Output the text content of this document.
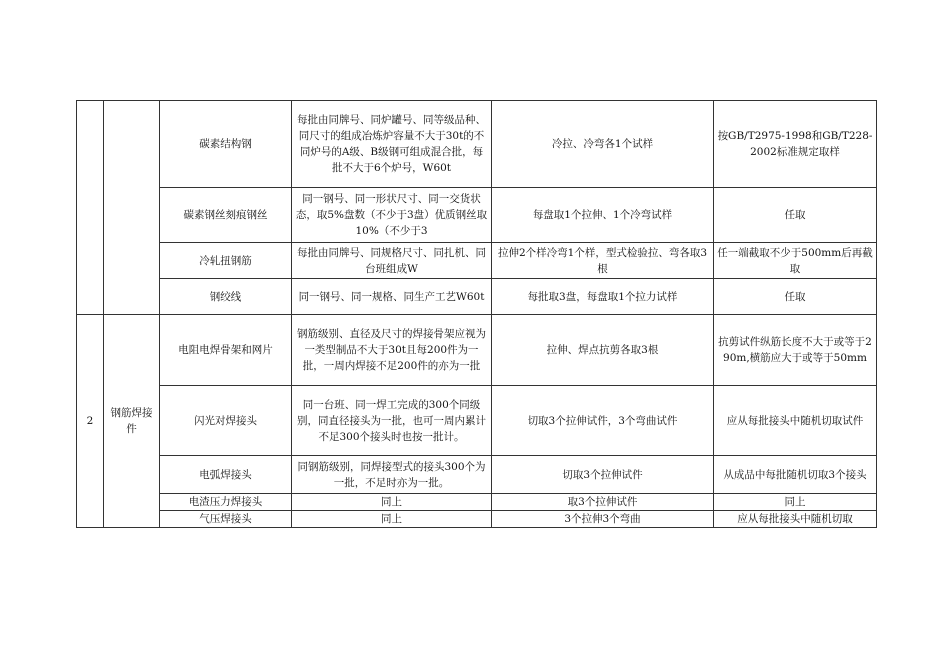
		碳素结构钢	每批由同牌号、同炉罐号、同等级品种、同尺寸的组成冶炼炉容量不大于30t的不同炉号的A级、B级钢可组成混合批，每批不大于6个炉号，W60t	冷拉、冷弯各1个试样	按GB/T2975-1998和GB/T228-2002标准规定取样
		碳素钢丝刻痕钢丝	同一钢号、同一形状尺寸、同一交货状态，取5%盘数（不少于3盘）优质钢丝取10%（不少于3	每盘取1个拉伸、1个冷弯试样	任取
		冷轧扭钢筋	每批由同牌号、同规格尺寸、同扎机、同台班组成W	拉伸2个样冷弯1个样，型式检验拉、弯各取3根	任一端截取不少于500mm后再截取
		钢绞线	同一钢号、同一规格、同生产工艺W60t	每批取3盘，每盘取1个拉力试样	任取
2	钢筋焊接件	电阻电焊骨架和网片	钢筋级别、直径及尺寸的焊接骨架应视为一类型制品不大于30t且每200件为一批，一周内焊接不足200件的亦为一批	拉伸、焊点抗剪各取3根	抗剪试件纵筋长度不大于或等于290m,横筋应大于或等于50mm
		闪光对焊接头	同一台班、同一焊工完成的300个同级别，同直径接头为一批，也可一周内累计不足300个接头时也按一批计。	切取3个拉伸试件，3个弯曲试件	应从每批接头中随机切取试件
		电弧焊接头	同钢筋级别，同焊接型式的接头300个为一批，不足时亦为一批。	切取3个拉伸试件	从成品中每批随机切取3个接头
		电渣压力焊接头	同上	取3个拉伸试件	同上
		气压焊接头	同上	3个拉伸3个弯曲	应从每批接头中随机切取
